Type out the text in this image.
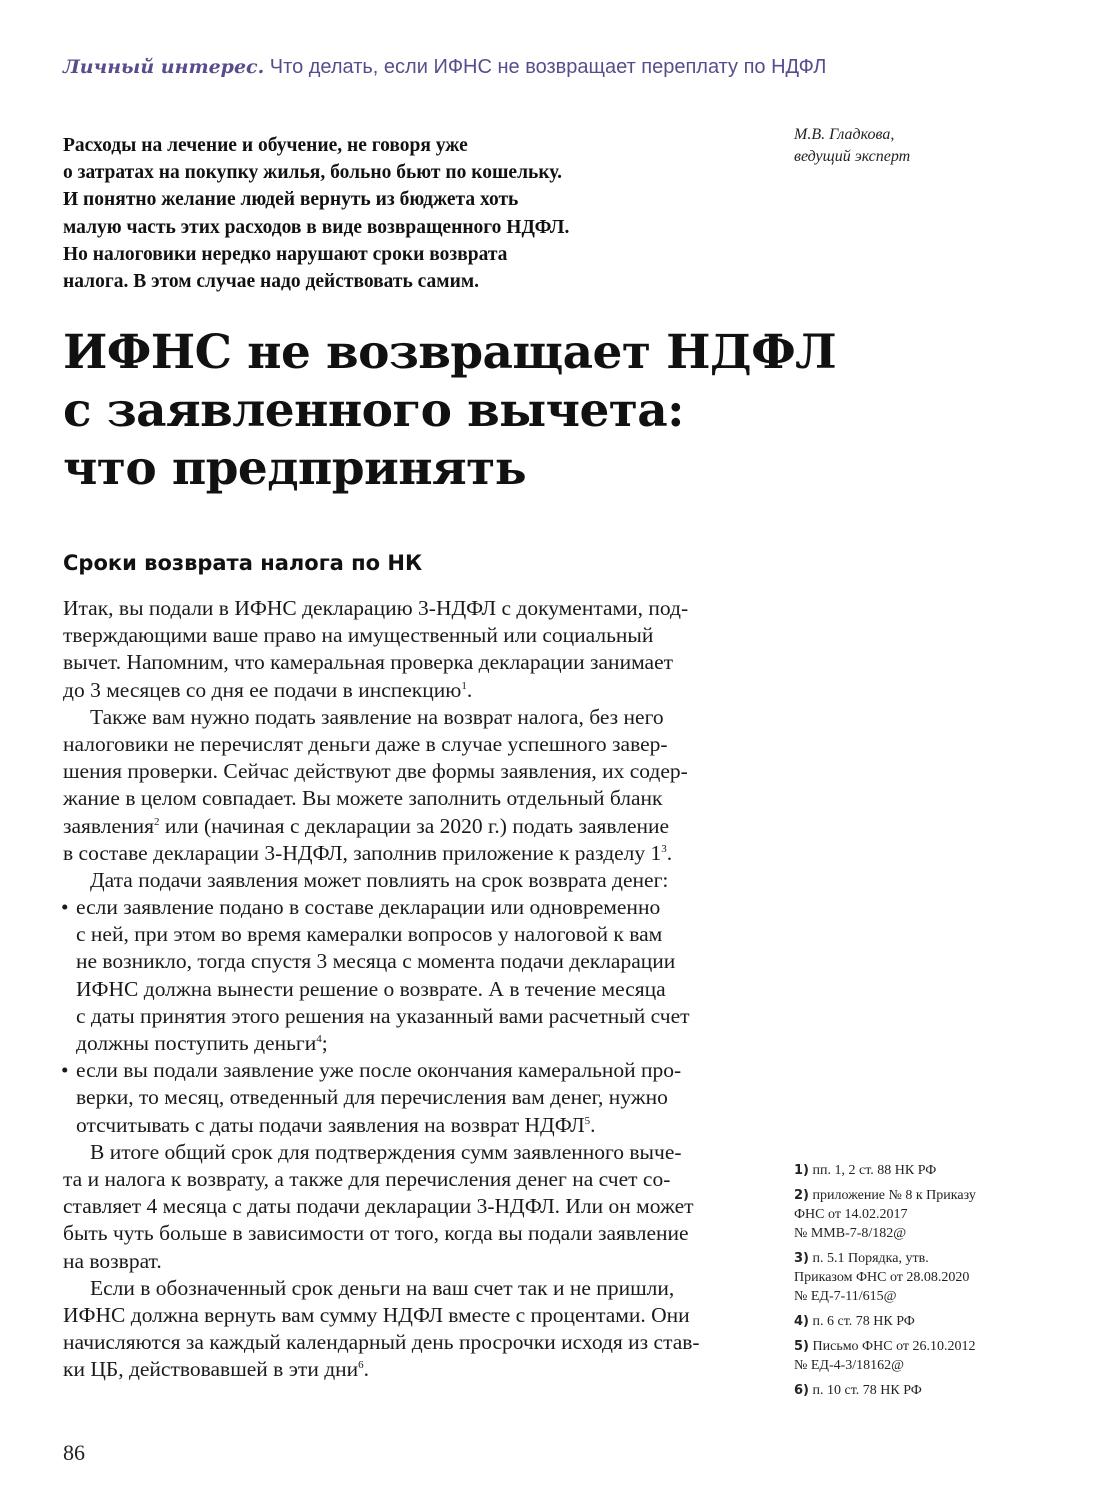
Личный интерес. Что делать, если ИФНС не возвращает переплату по НДФЛ
М.В. Гладкова,
ведущий эксперт
Расходы на лечение и обучение, не говоря уже
о затратах на покупку жилья, больно бьют по кошельку.
И понятно желание людей вернуть из бюджета хоть
малую часть этих расходов в виде возвращенного НДФЛ.
Но налоговики нередко нарушают сроки возврата
налога. В этом случае надо действовать самим.
ИФНС не возвращает НДФЛ
с заявленного вычета:
что предпринять
Сроки возврата налога по НК
Итак, вы подали в ИФНС декларацию 3-НДФЛ с документами, под-
тверждающими ваше право на имущественный или социальный
вычет. Напомним, что камеральная проверка декларации занимает
до 3 месяцев со дня ее подачи в инспекцию$^1$.
Также вам нужно подать заявление на возврат налога, без него
налоговики не перечислят деньги даже в случае успешного завер-
шения проверки. Сейчас действуют две формы заявления, их содер-
жание в целом совпадает. Вы можете заполнить отдельный бланк
заявления$^2$ или (начиная с декларации за 2020 г.) подать заявление
в составе декларации 3-НДФЛ, заполнив приложение к разделу $1^3$.
Дата подачи заявления может повлиять на срок возврата денег:
• если заявление подано в составе декларации или одновременно
с ней, при этом во время камералки вопросов у налоговой к вам
не возникло, тогда спустя 3 месяца с момента подачи декларации
ИФНС должна вынести решение о возврате. А в течение месяца
с даты принятия этого решения на указанный вами расчетный счет
должны поступить деньги$^4$;
• если вы подали заявление уже после окончания камеральной про-
верки, то месяц, отведенный для перечисления вам денег, нужно
отсчитывать с даты подачи заявления на возврат НДФЛ$^5$.
В итоге общий срок для подтверждения сумм заявленного выче-
та и налога к возврату, а также для перечисления денег на счет со-
ставляет 4 месяца с даты подачи декларации 3-НДФЛ. Или он может
быть чуть больше в зависимости от того, когда вы подали заявление
на возврат.
Если в обозначенный срок деньги на ваш счет так и не пришли,
ИФНС должна вернуть вам сумму НДФЛ вместе с процентами. Они
начисляются за каждый календарный день просрочки исходя из став-
ки ЦБ, действовавшей в эти дни$^6$.
1) пп. 1, 2 ст. 88 НК РФ
2) приложение № 8 к Приказу
ФНС от 14.02.2017
№ ММВ-7-8/182@
3) п. 5.1 Порядка, утв.
Приказом ФНС от 28.08.2020
№ ЕД-7-11/615@
4) п. 6 ст. 78 НК РФ
5) Письмо ФНС от 26.10.2012
№ ЕД-4-3/18162@
6) п. 10 ст. 78 НК РФ
86
